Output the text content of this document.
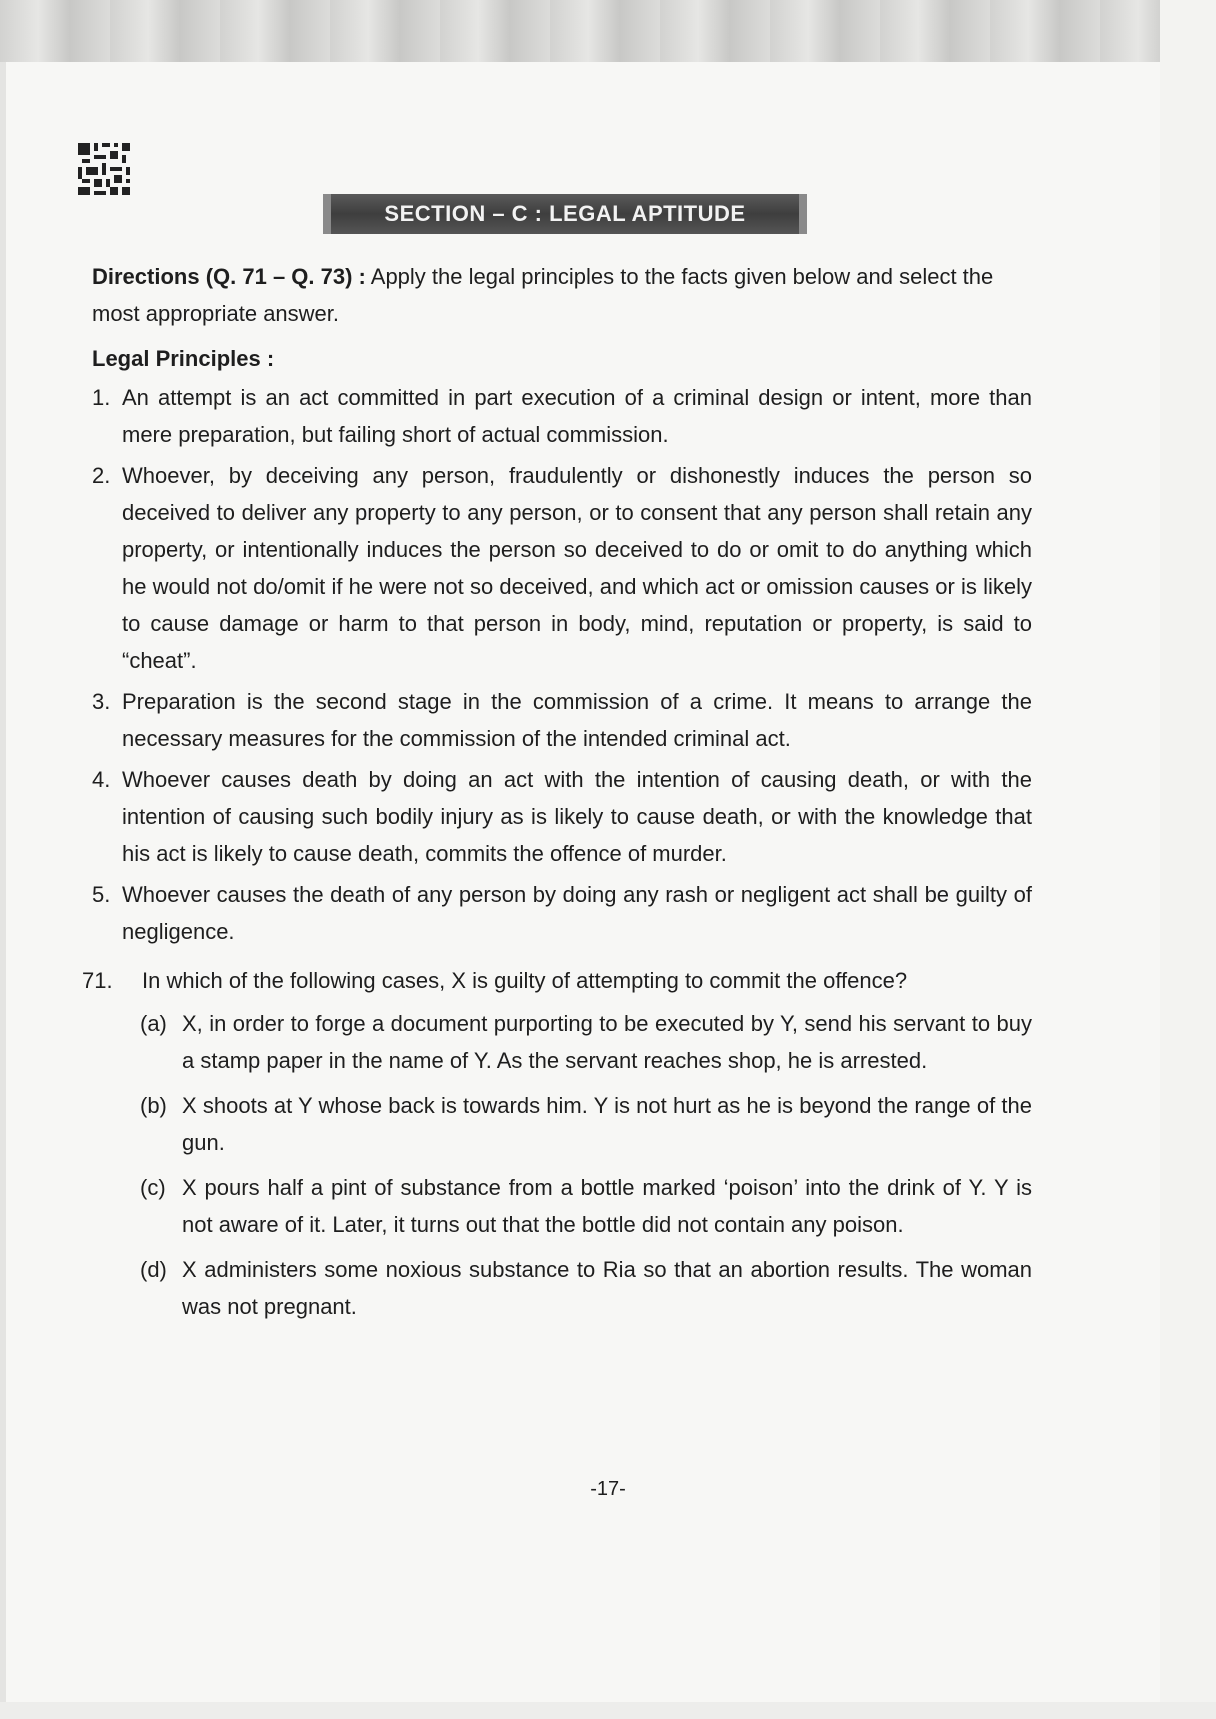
SECTION – C : LEGAL APTITUDE

Directions (Q. 71 – Q. 73) : Apply the legal principles to the facts given below and select the most appropriate answer.

Legal Principles :
1. An attempt is an act committed in part execution of a criminal design or intent, more than mere preparation, but failing short of actual commission.
2. Whoever, by deceiving any person, fraudulently or dishonestly induces the person so deceived to deliver any property to any person, or to consent that any person shall retain any property, or intentionally induces the person so deceived to do or omit to do anything which he would not do/omit if he were not so deceived, and which act or omission causes or is likely to cause damage or harm to that person in body, mind, reputation or property, is said to “cheat”.
3. Preparation is the second stage in the commission of a crime. It means to arrange the necessary measures for the commission of the intended criminal act.
4. Whoever causes death by doing an act with the intention of causing death, or with the intention of causing such bodily injury as is likely to cause death, or with the knowledge that his act is likely to cause death, commits the offence of murder.
5. Whoever causes the death of any person by doing any rash or negligent act shall be guilty of negligence.
71.	In which of the following cases, X is guilty of attempting to commit the offence?
(a) X, in order to forge a document purporting to be executed by Y, send his servant to buy a stamp paper in the name of Y. As the servant reaches shop, he is arrested.
(b) X shoots at Y whose back is towards him. Y is not hurt as he is beyond the range of the gun.
(c) X pours half a pint of substance from a bottle marked ‘poison’ into the drink of Y. Y is not aware of it. Later, it turns out that the bottle did not contain any poison.
(d) X administers some noxious substance to Ria so that an abortion results. The woman was not pregnant.
-17-
